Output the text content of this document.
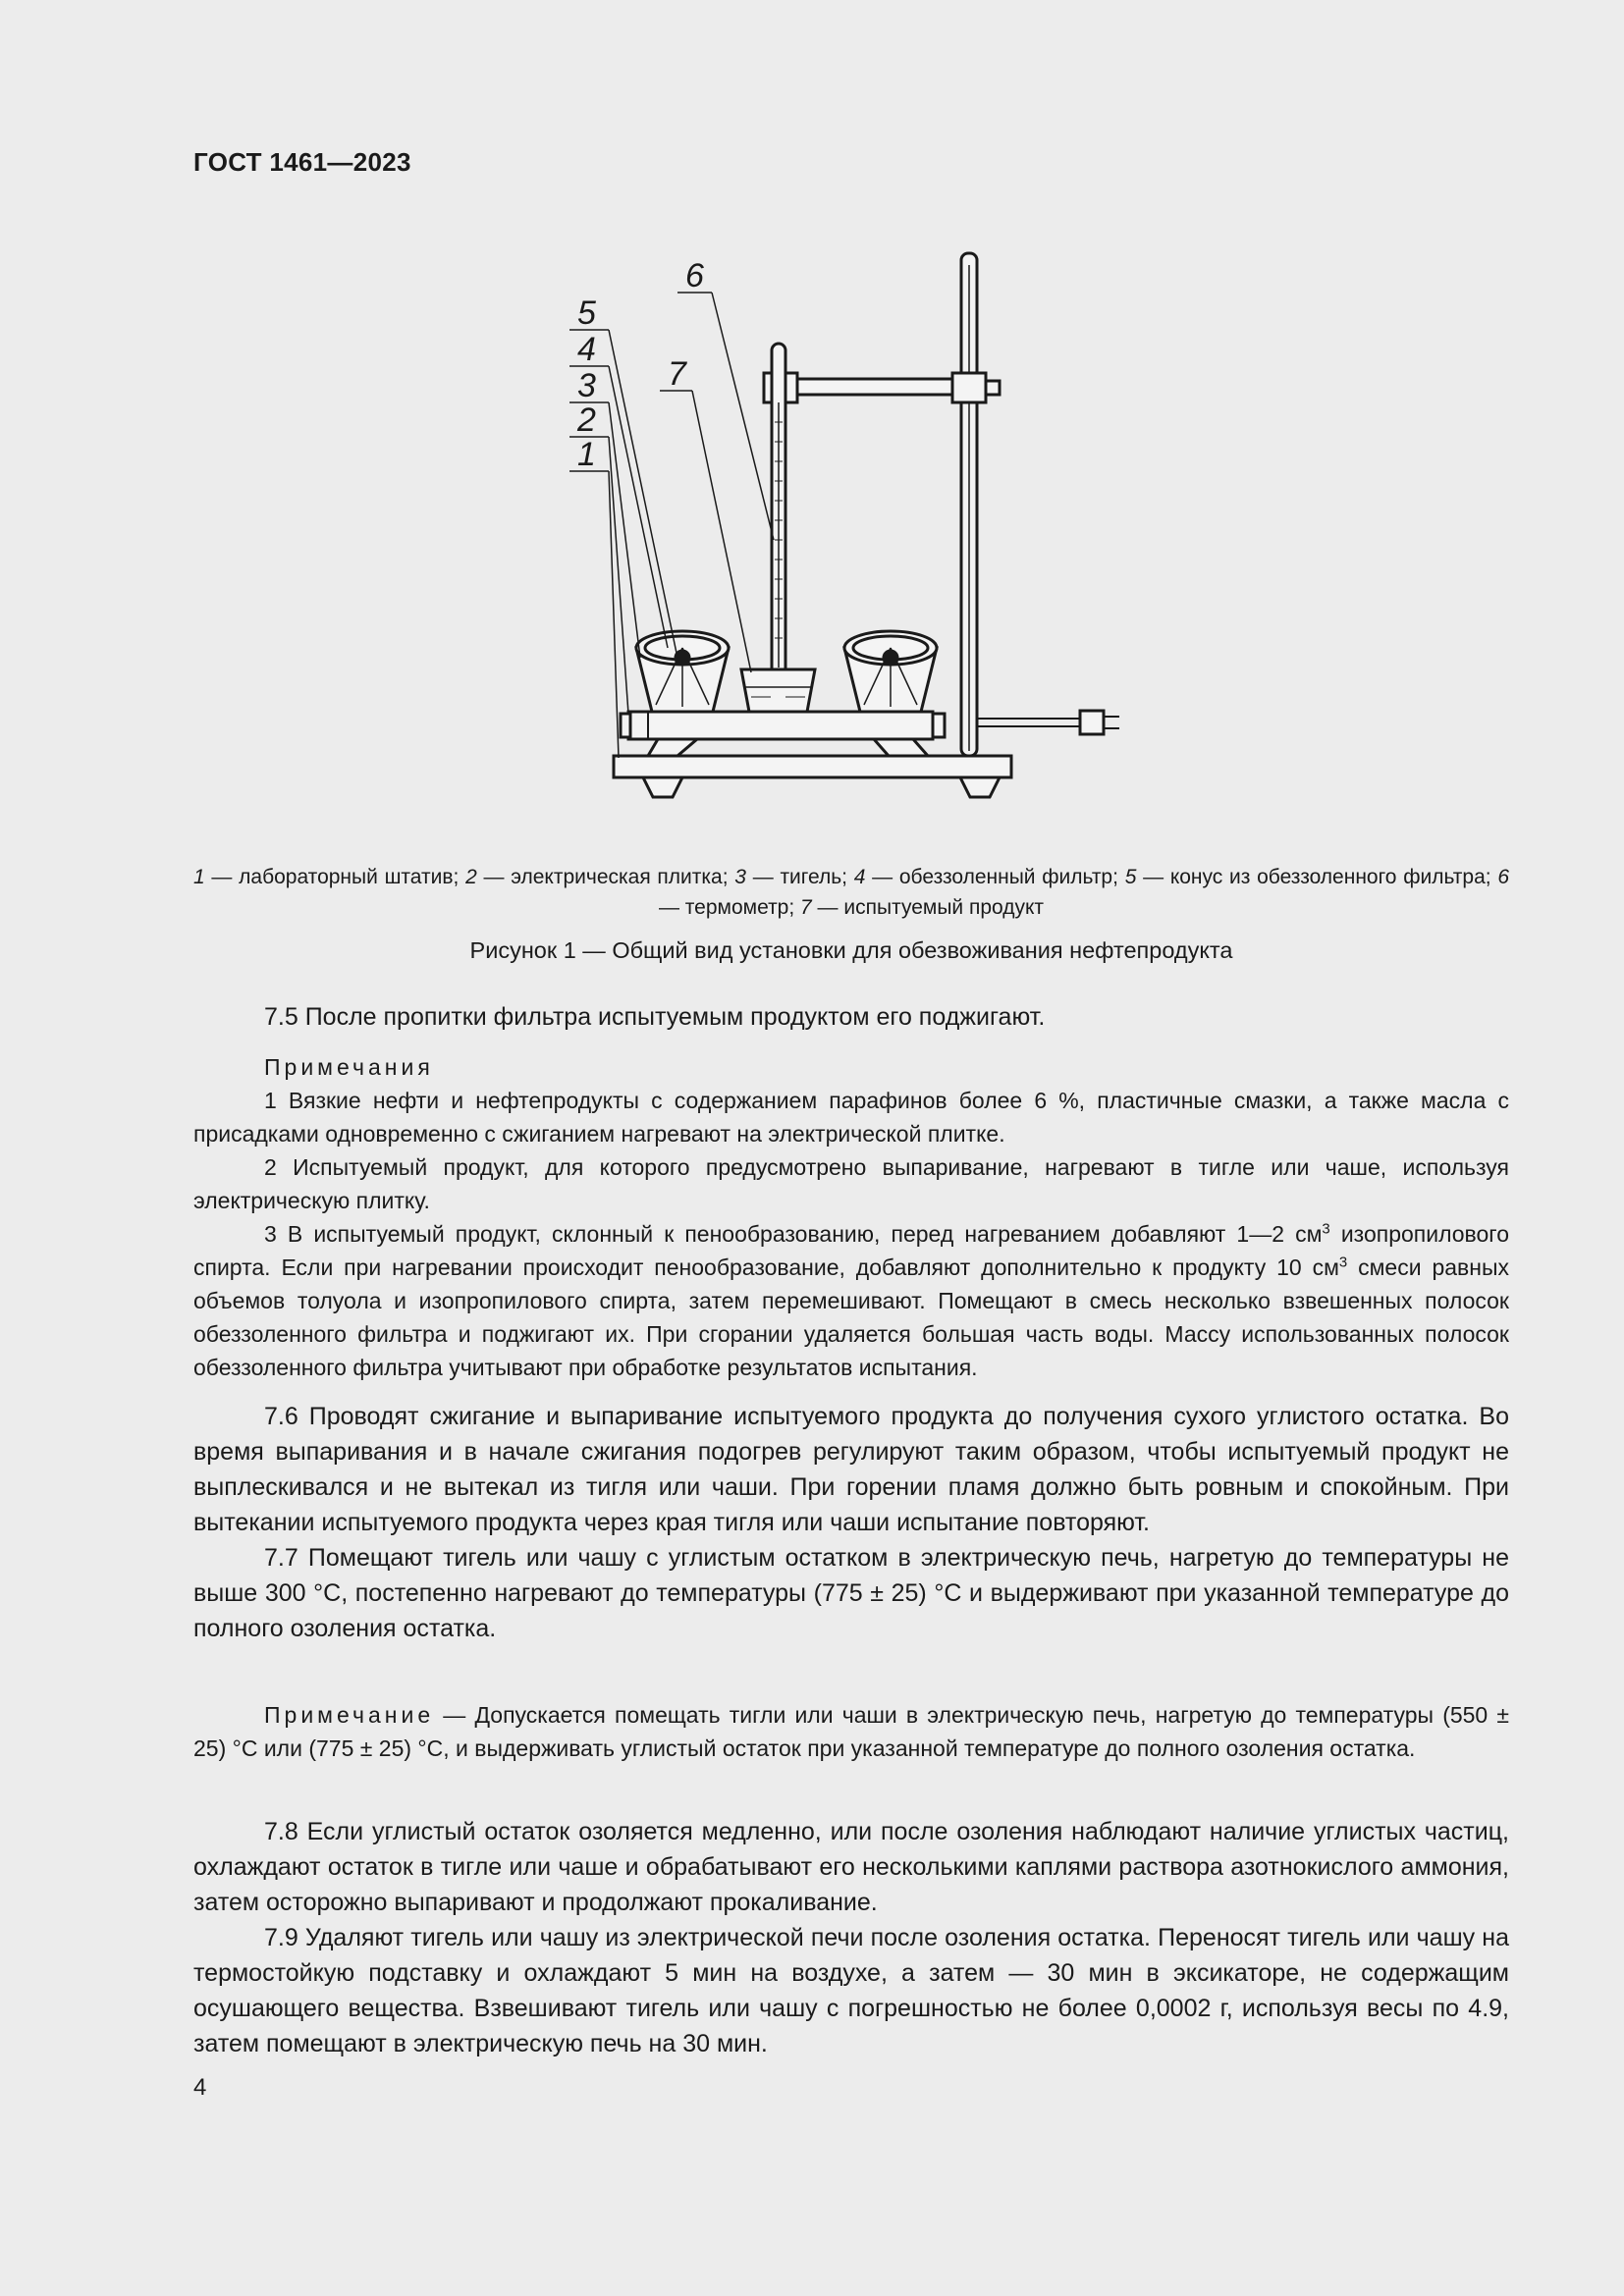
ГОСТ 1461—2023
6
5
4
7
3
2
1
1 — лабораторный штатив; 2 — электрическая плитка; 3 — тигель; 4 — обеззоленный фильтр; 5 — конус из обеззоленного фильтра; 6 — термометр; 7 — испытуемый продукт
Рисунок 1 — Общий вид установки для обезвоживания нефтепродукта

7.5 После пропитки фильтра испытуемым продуктом его поджигают.

Примечания

1 Вязкие нефти и нефтепродукты с содержанием парафинов более 6 %, пластичные смазки, а также масла с присадками одновременно с сжиганием нагревают на электрической плитке.

2 Испытуемый продукт, для которого предусмотрено выпаривание, нагревают в тигле или чаше, используя электрическую плитку.

3 В испытуемый продукт, склонный к пенообразованию, перед нагреванием добавляют 1—2 $см^3$ изопропилового спирта. Если при нагревании происходит пенообразование, добавляют дополнительно к продукту 10 $см^3$ смеси равных объемов толуола и изопропилового спирта, затем перемешивают. Помещают в смесь несколько взвешенных полосок обеззоленного фильтра и поджигают их. При сгорании удаляется большая часть воды. Массу использованных полосок обеззоленного фильтра учитывают при обработке результатов испытания.

7.6 Проводят сжигание и выпаривание испытуемого продукта до получения сухого углистого остатка. Во время выпаривания и в начале сжигания подогрев регулируют таким образом, чтобы испытуемый продукт не выплескивался и не вытекал из тигля или чаши. При горении пламя должно быть ровным и спокойным. При вытекании испытуемого продукта через края тигля или чаши испытание повторяют.

7.7 Помещают тигель или чашу с углистым остатком в электрическую печь, нагретую до температуры не выше 300 °С, постепенно нагревают до температуры (775 ± 25) °С и выдерживают при указанной температуре до полного озоления остатка.

Примечание — Допускается помещать тигли или чаши в электрическую печь, нагретую до температуры (550 ± 25) °С или (775 ± 25) °С, и выдерживать углистый остаток при указанной температуре до полного озоления остатка.

7.8 Если углистый остаток озоляется медленно, или после озоления наблюдают наличие углистых частиц, охлаждают остаток в тигле или чаше и обрабатывают его несколькими каплями раствора азотнокислого аммония, затем осторожно выпаривают и продолжают прокаливание.

7.9 Удаляют тигель или чашу из электрической печи после озоления остатка. Переносят тигель или чашу на термостойкую подставку и охлаждают 5 мин на воздухе, а затем — 30 мин в эксикаторе, не содержащим осушающего вещества. Взвешивают тигель или чашу с погрешностью не более 0,0002 г, используя весы по 4.9, затем помещают в электрическую печь на 30 мин.

4
